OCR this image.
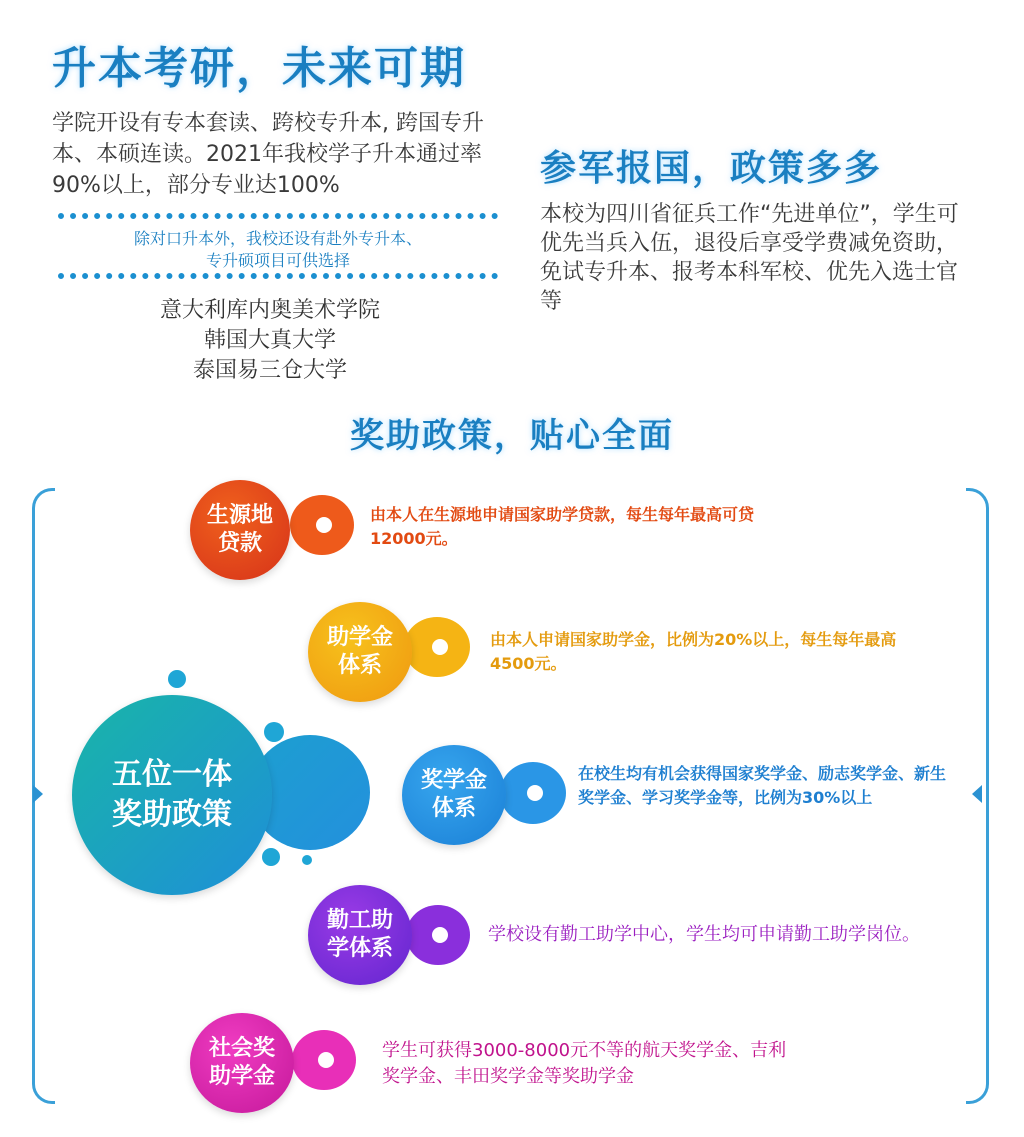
升本考研，未来可期
学院开设有专本套读、跨校专升本, 跨国专升本、本硕连读。2021年我校学子升本通过率90%以上，部分专业达100%
除对口升本外，我校还设有赴外专升本、
专升硕项目可供选择
意大利库内奥美术学院
韩国大真大学
泰国易三仓大学
参军报国，政策多多
本校为四川省征兵工作“先进单位”，学生可优先当兵入伍，退役后享受学费减免资助，免试专升本、报考本科军校、优先入选士官等
奖助政策，贴心全面
五位一体
奖助政策
生源地
贷款
由本人在生源地申请国家助学贷款，每生每年最高可贷12000元。
助学金
体系
由本人申请国家助学金，比例为20%以上，每生每年最高4500元。
奖学金
体系
在校生均有机会获得国家奖学金、励志奖学金、新生奖学金、学习奖学金等，比例为30%以上
勤工助
学体系
学校设有勤工助学中心，学生均可申请勤工助学岗位。
社会奖
助学金
学生可获得3000-8000元不等的航天奖学金、吉利奖学金、丰田奖学金等奖助学金
